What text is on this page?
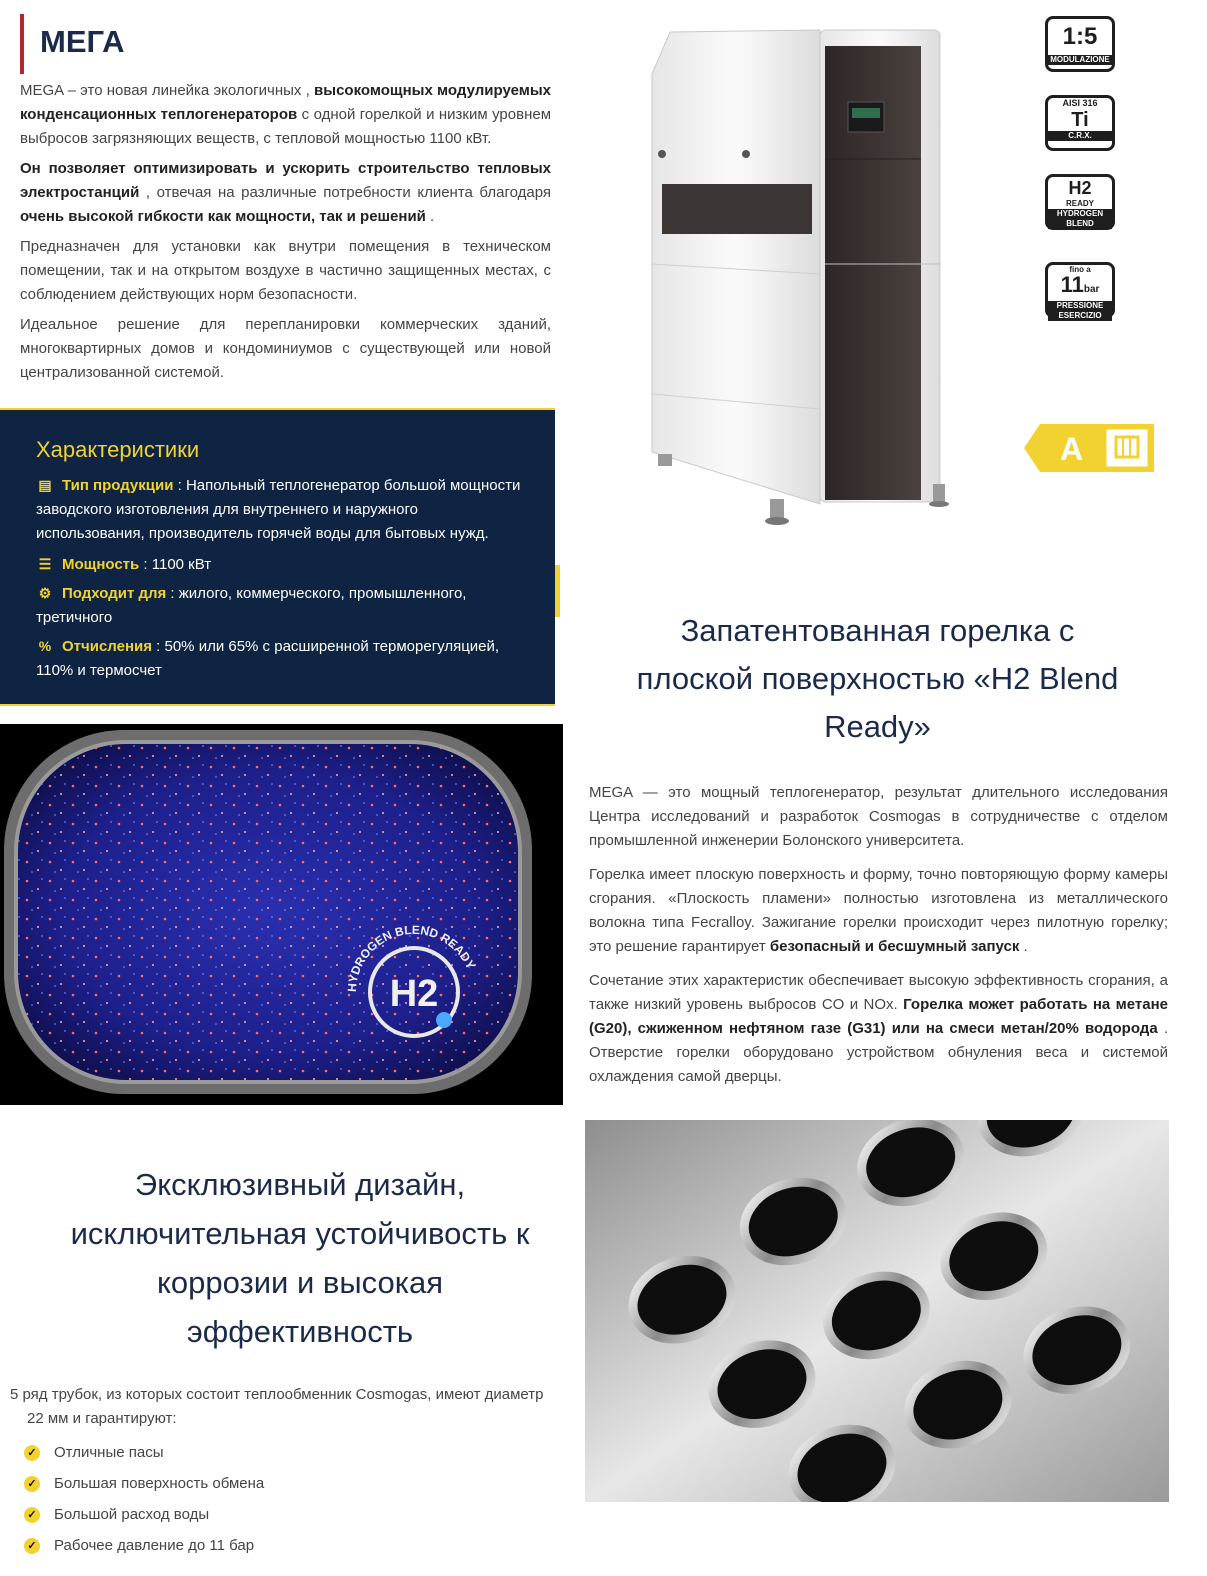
МЕГА

MEGA – это новая линейка экологичных , высокомощных модулируемых конденсационных теплогенераторов с одной горелкой и низким уровнем выбросов загрязняющих веществ, с тепловой мощностью 1100 кВт.

Он позволяет оптимизировать и ускорить строительство тепловых электростанций , отвечая на различные потребности клиента благодаря очень высокой гибкости как мощности, так и решений .

Предназначен для установки как внутри помещения в техническом помещении, так и на открытом воздухе в частично защищенных местах, с соблюдением действующих норм безопасности.

Идеальное решение для перепланировки коммерческих зданий, многоквартирных домов и кондоминиумов с существующей или новой централизованной системой.

Характеристики
▤ Тип продукции : Напольный теплогенератор большой мощности заводского изготовления для внутреннего и наружного использования, производитель горячей воды для бытовых нужд.
☰ Мощность : 1100 кВт
⚙ Подходит для : жилого, коммерческого, промышленного, третичного
% Отчисления : 50% или 65% с расширенной терморегуляцией, 110% и термосчет
1:5
MODULAZIONE
AISI 316
Ti
C.R.X.
H2
READY
HYDROGEN BLEND
fino a
11bar
PRESSIONE ESERCIZIO
A
Запатентованная горелка с плоской поверхностью «H2 Blend Ready»

MEGA — это мощный теплогенератор, результат длительного исследования Центра исследований и разработок Cosmogas в сотрудничестве с отделом промышленной инженерии Болонского университета.

Горелка имеет плоскую поверхность и форму, точно повторяющую форму камеры сгорания. «Плоскость пламени» полностью изготовлена из металлического волокна типа Fecralloy. Зажигание горелки происходит через пилотную горелку; это решение гарантирует безопасный и бесшумный запуск .

Сочетание этих характеристик обеспечивает высокую эффективность сгорания, а также низкий уровень выбросов CO и NOx. Горелка может работать на метане (G20), сжиженном нефтяном газе (G31) или на смеси метан/20% водорода . Отверстие горелки оборудовано устройством обнуления веса и системой охлаждения самой дверцы.

H2
HYDROGEN BLEND READY
Эксклюзивный дизайн, исключительная устойчивость к коррозии и высокая эффективность
5 ряд трубок, из которых состоит теплообменник Cosmogas, имеют диаметр
22 мм и гарантируют:
✓ Отличные пасы
✓ Большая поверхность обмена
✓ Большой расход воды
✓ Рабочее давление до 11 бар
